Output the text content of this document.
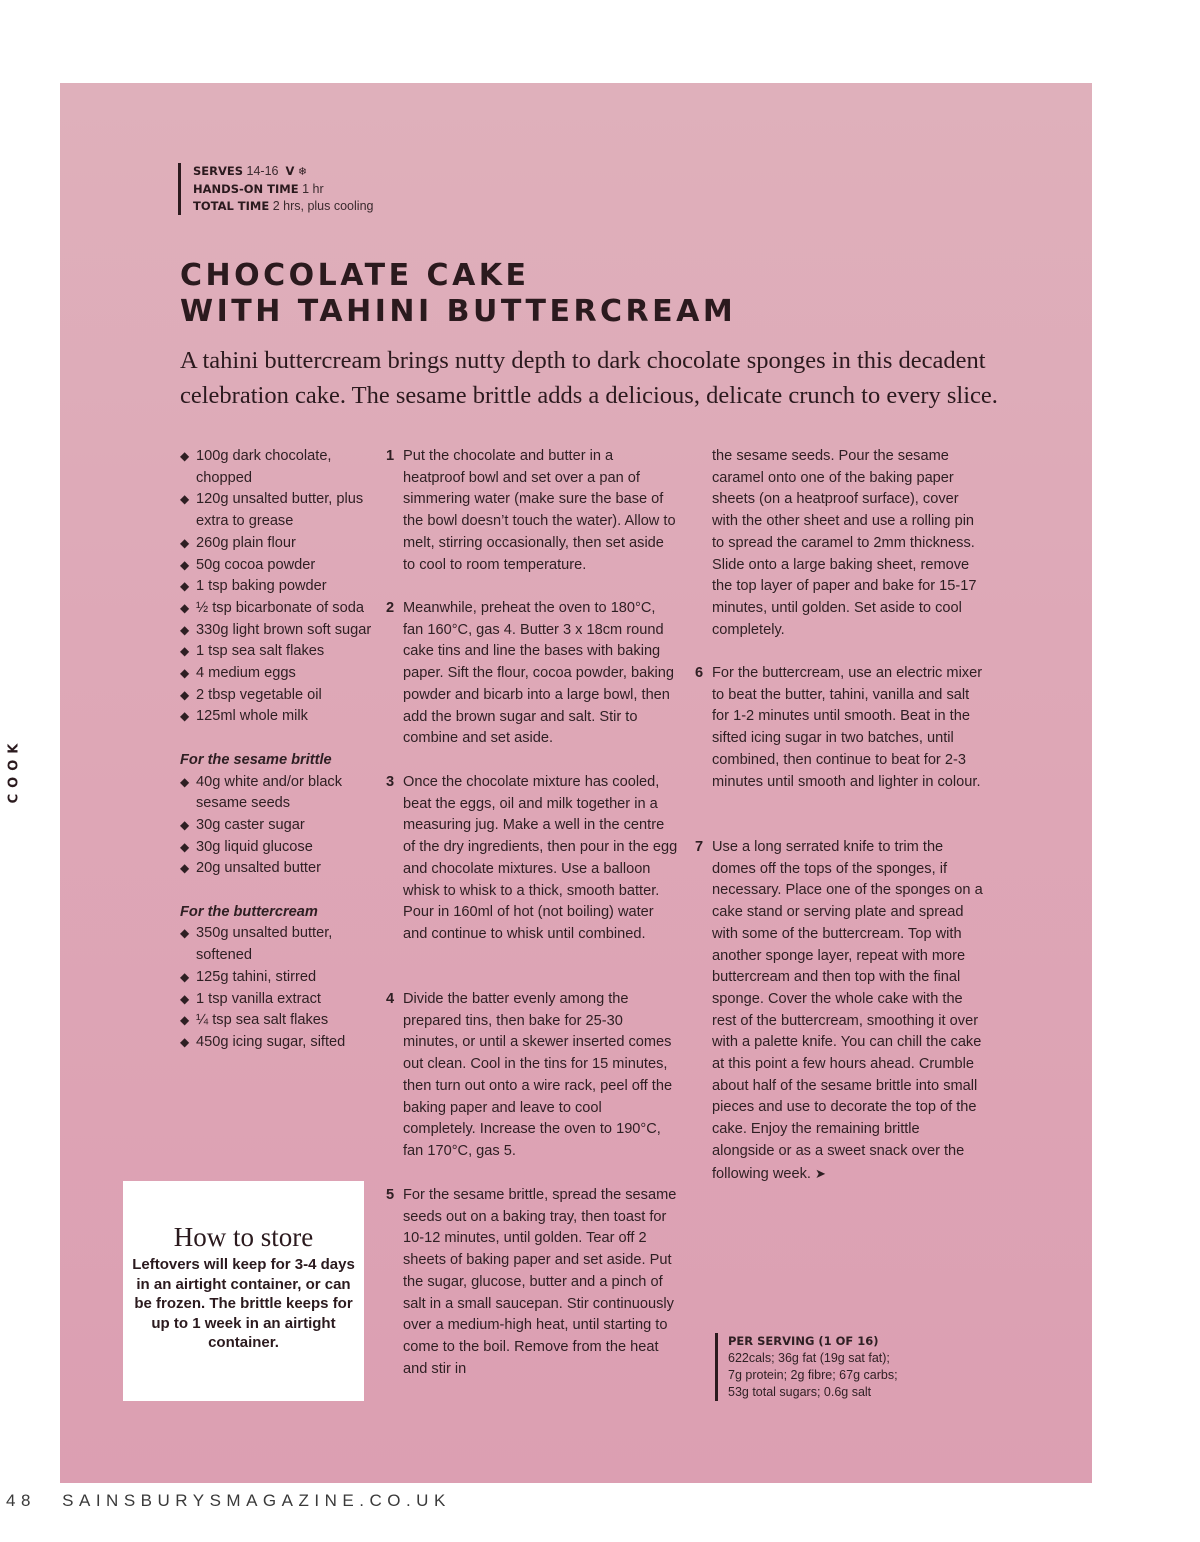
COOK
SERVES 14-16 V ❄
HANDS-ON TIME 1 hr
TOTAL TIME 2 hrs, plus cooling
CHOCOLATE CAKE
WITH TAHINI BUTTERCREAM

A tahini buttercream brings nutty depth to dark chocolate sponges in this decadent celebration cake. The sesame brittle adds a delicious, delicate crunch to every slice.

◆ 100g dark chocolate, chopped
◆ 120g unsalted butter, plus extra to grease
◆ 260g plain flour
◆ 50g cocoa powder
◆ 1 tsp baking powder
◆ ½ tsp bicarbonate of soda
◆ 330g light brown soft sugar
◆ 1 tsp sea salt flakes
◆ 4 medium eggs
◆ 2 tbsp vegetable oil
◆ 125ml whole milk
For the sesame brittle
◆ 40g white and/or black sesame seeds
◆ 30g caster sugar
◆ 30g liquid glucose
◆ 20g unsalted butter
For the buttercream
◆ 350g unsalted butter, softened
◆ 125g tahini, stirred
◆ 1 tsp vanilla extract
◆ ¼ tsp sea salt flakes
◆ 450g icing sugar, sifted
1 Put the chocolate and butter in a heatproof bowl and set over a pan of simmering water (make sure the base of the bowl doesn’t touch the water). Allow to melt, stirring occasionally, then set aside to cool to room temperature.
2 Meanwhile, preheat the oven to 180°C, fan 160°C, gas 4. Butter 3 x 18cm round cake tins and line the bases with baking paper. Sift the flour, cocoa powder, baking powder and bicarb into a large bowl, then add the brown sugar and salt. Stir to combine and set aside.
3 Once the chocolate mixture has cooled, beat the eggs, oil and milk together in a measuring jug. Make a well in the centre of the dry ingredients, then pour in the egg and chocolate mixtures. Use a balloon whisk to whisk to a thick, smooth batter. Pour in 160ml of hot (not boiling) water and continue to whisk until combined.
4 Divide the batter evenly among the prepared tins, then bake for 25-30 minutes, or until a skewer inserted comes out clean. Cool in the tins for 15 minutes, then turn out onto a wire rack, peel off the baking paper and leave to cool completely. Increase the oven to 190°C, fan 170°C, gas 5.
5 For the sesame brittle, spread the sesame seeds out on a baking tray, then toast for 10-12 minutes, until golden. Tear off 2 sheets of baking paper and set aside. Put the sugar, glucose, butter and a pinch of salt in a small saucepan. Stir continuously over a medium-high heat, until starting to come to the boil. Remove from the heat and stir in
the sesame seeds. Pour the sesame caramel onto one of the baking paper sheets (on a heatproof surface), cover with the other sheet and use a rolling pin to spread the caramel to 2mm thickness. Slide onto a large baking sheet, remove the top layer of paper and bake for 15-17 minutes, until golden. Set aside to cool completely.
6 For the buttercream, use an electric mixer to beat the butter, tahini, vanilla and salt for 1-2 minutes until smooth. Beat in the sifted icing sugar in two batches, until combined, then continue to beat for 2-3 minutes until smooth and lighter in colour.
7 Use a long serrated knife to trim the domes off the tops of the sponges, if necessary. Place one of the sponges on a cake stand or serving plate and spread with some of the buttercream. Top with another sponge layer, repeat with more buttercream and then top with the final sponge. Cover the whole cake with the rest of the buttercream, smoothing it over with a palette knife. You can chill the cake at this point a few hours ahead. Crumble about half of the sesame brittle into small pieces and use to decorate the top of the cake. Enjoy the remaining brittle alongside or as a sweet snack over the following week. ➤
How to store

Leftovers will keep for 3-4 days in an airtight container, or can be frozen. The brittle keeps for up to 1 week in an airtight container.	PER SERVING (1 OF 16)
622cals; 36g fat (19g sat fat);
7g protein; 2g fibre; 67g carbs;
53g total sugars; 0.6g salt
48 SAINSBURYSMAGAZINE.CO.UK
